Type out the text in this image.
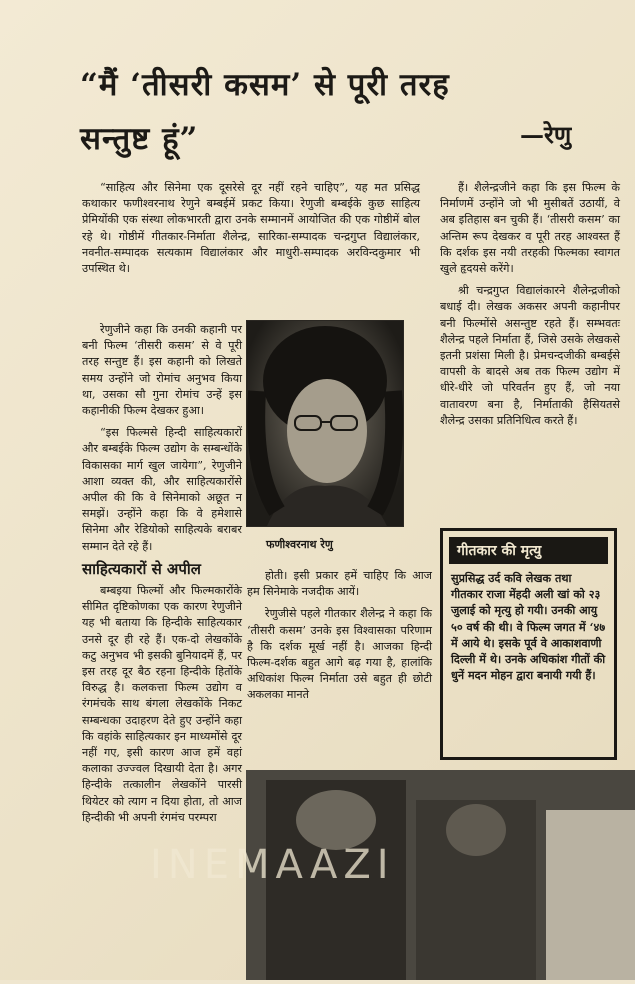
“मैं ‘तीसरी कसम’ से पूरी तरह
सन्तुष्ट हूं”	—रेणु

“साहित्य और सिनेमा एक दूसरेसे दूर नहीं रहने चाहिए”, यह मत प्रसिद्ध कथाकार फणीश्वरनाथ रेणुने बम्बईमें प्रकट किया। रेणुजी बम्बईके कुछ साहित्य प्रेमियोंकी एक संस्था लोकभारती द्वारा उनके सम्मानमें आयोजित की एक गोष्ठीमें बोल रहे थे। गोष्ठीमें गीतकार-निर्माता शैलेन्द्र, सारिका-सम्पादक चन्द्रगुप्त विद्यालंकार, नवनीत-सम्पादक सत्यकाम विद्यालंकार और माधुरी-सम्पादक अरविन्दकुमार भी उपस्थित थे।

रेणुजीने कहा कि उनकी कहानी पर बनी फिल्म ‘तीसरी कसम’ से वे पूरी तरह सन्तुष्ट हैं। इस कहानी को लिखते समय उन्होंने जो रोमांच अनुभव किया था, उसका सौ गुना रोमांच उन्हें इस कहानीकी फिल्म देखकर हुआ।

“इस फिल्मसे हिन्दी साहित्यकारों और बम्बईके फिल्म उद्योग के सम्बन्धोंके विकासका मार्ग खुल जायेगा”, रेणुजीने आशा व्यक्त की, और साहित्यकारोंसे अपील की कि वे सिनेमाको अछूत न समझें। उन्होंने कहा कि वे हमेशासे सिनेमा और रेडियोको साहित्यके बराबर सम्मान देते रहे हैं।

साहित्यकारों से अपील

बम्बइया फिल्मों और फिल्मकारोंके सीमित दृष्टिकोणका एक कारण रेणुजीने यह भी बताया कि हिन्दीके साहित्यकार उनसे दूर ही रहे हैं। एक-दो लेखकोंके कटु अनुभव भी इसकी बुनियादमें हैं, पर इस तरह दूर बैठ रहना हिन्दीके हितोंके विरुद्ध है। कलकत्ता फिल्म उद्योग व रंगमंचके साथ बंगला लेखकोंके निकट सम्बन्धका उदाहरण देते हुए उन्होंने कहा कि वहांके साहित्यकार इन माध्यमोंसे दूर नहीं गए, इसी कारण आज हमें वहां कलाका उज्ज्वल दिखायी देता है। अगर हिन्दीके तत्कालीन लेखकोंने पारसी थियेटर को त्याग न दिया होता, तो आज हिन्दीकी भी अपनी रंगमंच परम्परा

फणीश्वरनाथ रेणु

हैं। शैलेन्द्रजीने कहा कि इस फिल्म के निर्माणमें उन्होंने जो भी मुसीबतें उठायीं, वे अब इतिहास बन चुकी हैं। ‘तीसरी कसम’ का अन्तिम रूप देखकर व पूरी तरह आश्वस्त हैं कि दर्शक इस नयी तरहकी फिल्मका स्वागत खुले हृदयसे करेंगे।

श्री चन्द्रगुप्त विद्यालंकारने शैलेन्द्रजीको बधाई दी। लेखक अकसर अपनी कहानीपर बनी फिल्मोंसे असन्तुष्ट रहते हैं। सम्भवतः शैलेन्द्र पहले निर्माता हैं, जिसे उसके लेखकसे इतनी प्रशंसा मिली है। प्रेमचन्दजीकी बम्बईसे वापसी के बादसे अब तक फिल्म उद्योग में धीरे-धीरे जो परिवर्तन हुए हैं, जो नया वातावरण बना है, निर्माताकी हैसियतसे शैलेन्द्र उसका प्रतिनिधित्व करते हैं।

होती। इसी प्रकार हमें चाहिए कि आज हम सिनेमाके नजदीक आयें।

रेणुजीसे पहले गीतकार शैलेन्द्र ने कहा कि ‘तीसरी कसम’ उनके इस विश्वासका परिणाम है कि दर्शक मूर्ख नहीं है। आजका हिन्दी फिल्म-दर्शक बहुत आगे बढ़ गया है, हालांकि अधिकांश फिल्म निर्माता उसे बहुत ही छोटी अकलका मानते

गीतकार की मृत्यु
सुप्रसिद्ध उर्द कवि लेखक तथा गीतकार राजा मेंहदी अली खां को २३ जुलाई को मृत्यु हो गयी। उनकी आयु ५० वर्ष की थी। वे फिल्म जगत में ‘४७ में आये थे। इसके पूर्व वे आकाशवाणी दिल्ली में थे। उनके अधिकांश गीतों की धुनें मदन मोहन द्वारा बनायी गयी हैं।
INEMAAZI
